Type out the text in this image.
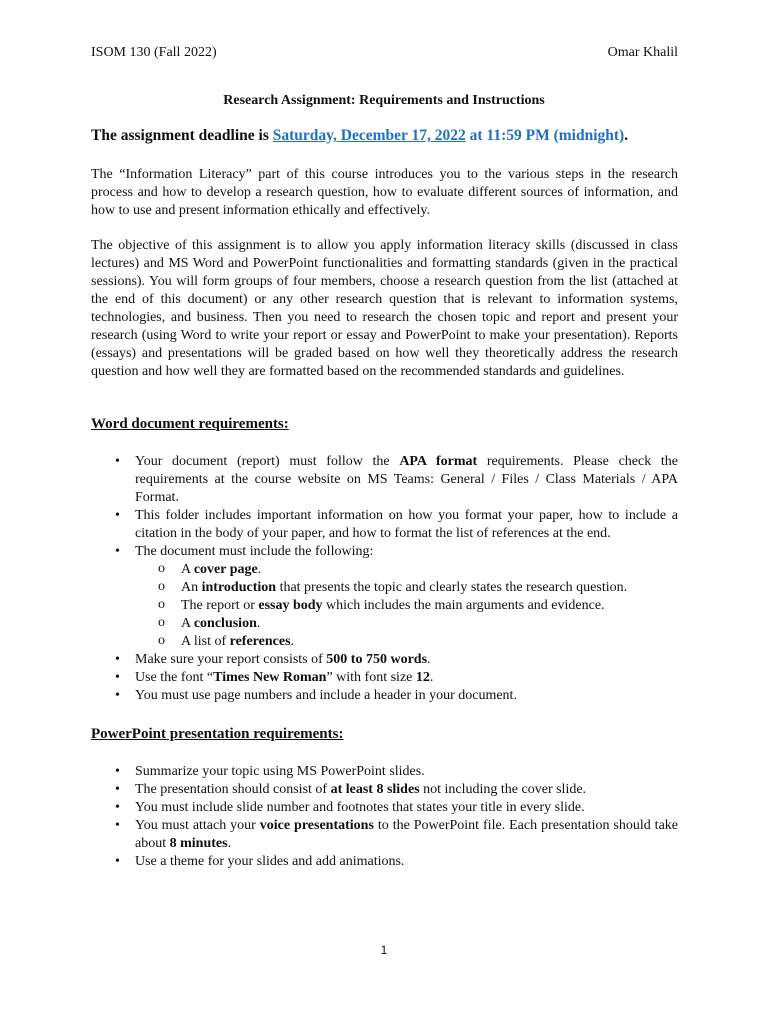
ISOM 130 (Fall 2022)	Omar Khalil
Research Assignment: Requirements and Instructions
The assignment deadline is Saturday, December 17, 2022 at 11:59 PM (midnight).

The “Information Literacy” part of this course introduces you to the various steps in the research process and how to develop a research question, how to evaluate different sources of information, and how to use and present information ethically and effectively.

The objective of this assignment is to allow you apply information literacy skills (discussed in class lectures) and MS Word and PowerPoint functionalities and formatting standards (given in the practical sessions). You will form groups of four members, choose a research question from the list (attached at the end of this document) or any other research question that is relevant to information systems, technologies, and business. Then you need to research the chosen topic and report and present your research (using Word to write your report or essay and PowerPoint to make your presentation). Reports (essays) and presentations will be graded based on how well they theoretically address the research question and how well they are formatted based on the recommended standards and guidelines.

Word document requirements:
• Your document (report) must follow the APA format requirements. Please check the requirements at the course website on MS Teams: General / Files / Class Materials / APA Format.
• This folder includes important information on how you format your paper, how to include a citation in the body of your paper, and how to format the list of references at the end.
• The document must include the following:
o A cover page.
o An introduction that presents the topic and clearly states the research question.
o The report or essay body which includes the main arguments and evidence.
o A conclusion.
o A list of references.
• Make sure your report consists of 500 to 750 words.
• Use the font “Times New Roman” with font size 12.
• You must use page numbers and include a header in your document.
PowerPoint presentation requirements:
• Summarize your topic using MS PowerPoint slides.
• The presentation should consist of at least 8 slides not including the cover slide.
• You must include slide number and footnotes that states your title in every slide.
• You must attach your voice presentations to the PowerPoint file. Each presentation should take about 8 minutes.
• Use a theme for your slides and add animations.
1
